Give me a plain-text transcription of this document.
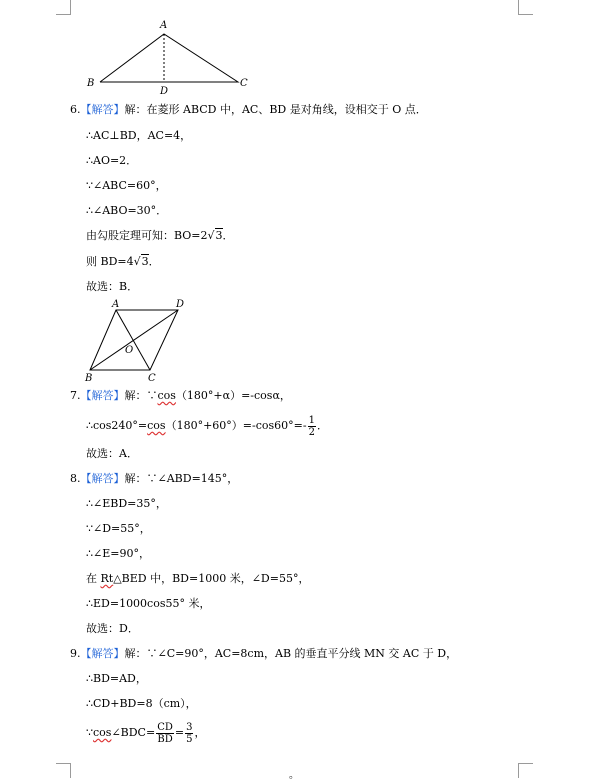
A
B	C
D
6.【解答】解：在菱形 ABCD 中，AC、BD 是对角线，设相交于 O 点．
∴AC⊥BD，AC=4，
∴AO=2．
∵∠ABC=60°，
∴∠ABO=30°．
由勾股定理可知：BO=2√3．
则 BD=4√3．
故选：B．
A	D
B	C
O
7.【解答】解：∵cos（180°+α）=-cosα，
∴cos240°=cos（180°+60°）=-cos60°=- $\frac{1}{2}$ ．
故选：A．
8.【解答】解：∵∠ABD=145°，
∴∠EBD=35°，
∵∠D=55°，
∴∠E=90°，
在 Rt△BED 中，BD=1000 米，∠D=55°，
∴ED=1000cos55° 米，
故选：D．
9.【解答】解：∵∠C=90°，AC=8cm，AB 的垂直平分线 MN 交 AC 于 D，
∴BD=AD，
∴CD+BD=8（cm），
∵cos∠BDC= $\frac{CD}{BD} = \frac{3}{5}$ ，
。
